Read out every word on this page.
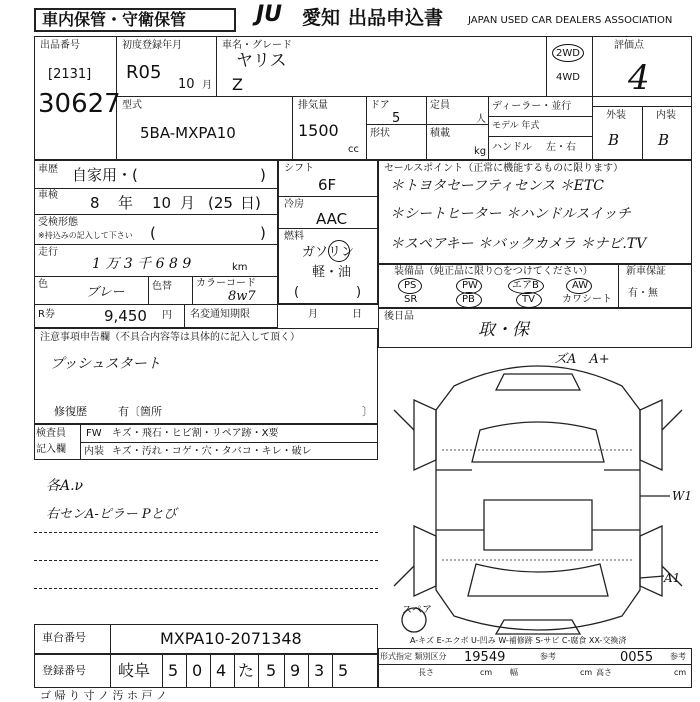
車内保管・守衛保管	JU 愛知 出品申込書 JAPAN USED CAR DEALERS ASSOCIATION
出品番号
[2131]
30627
初度登録年月
R05
10 月
車名・グレード
ヤリス
Z
2WD
4WD
評価点
4
外装	内装
B	B
型式
5BA-MXPA10
排気量
1500
cc
ドア
5
形状
定員
人
積載
kg
ディーラー・並行
モデル 年式
ハンドル 左・右
車歴 自家用・(	)
車検 8 年 10 月 (25 日)
受検形態
※持込みの記入して下さい (	)
走行
1 万 3 千 6 8 9	km
色
ブレー	色替 カラーコード
8w7
R券	9,450 円 名変通知期限	月	日
シフト
6F
冷房
AAC
燃料
ガソリン
軽・油
(	)
セールスポイント（正常に機能するものに限ります）
＊トヨタセーフティセンス ＊ETC
＊シートヒーター ＊ハンドルスイッチ
＊スペアキー ＊バックカメラ ＊ナビ.TV
装備品（純正品に限り○をつけてください）
PS	PW	エアB	AW
SR	PB	TV	カワシート
新車保証
有・無
後日品
取・保
注意事項申告欄（不具合内容等は具体的に記入して頂く）
プッシュスタート
修復歴	有〔箇所	〕
検査員
記入欄
FW キズ・飛石・ヒビ割・リペア跡・X要
内装 キズ・汚れ・コゲ・穴・タバコ・キレ・破レ
各A.ν
右センA-ピラー Pとび
ズA　A+
W1
A1
スペア
A-キズ E-エクボ U-凹み W-補修跡 S-サビ C-腐食 XX-交換済
車台番号	MXPA10-2071348
登録番号 岐阜 5 0 4 た 5 9 3 5
形式指定 類別区分 19549	参考	0055 参考
長さ	cm 幅	cm 高さ	cm
ゴ 帰 り 寸 ノ 汚 ホ 戸 ノ
